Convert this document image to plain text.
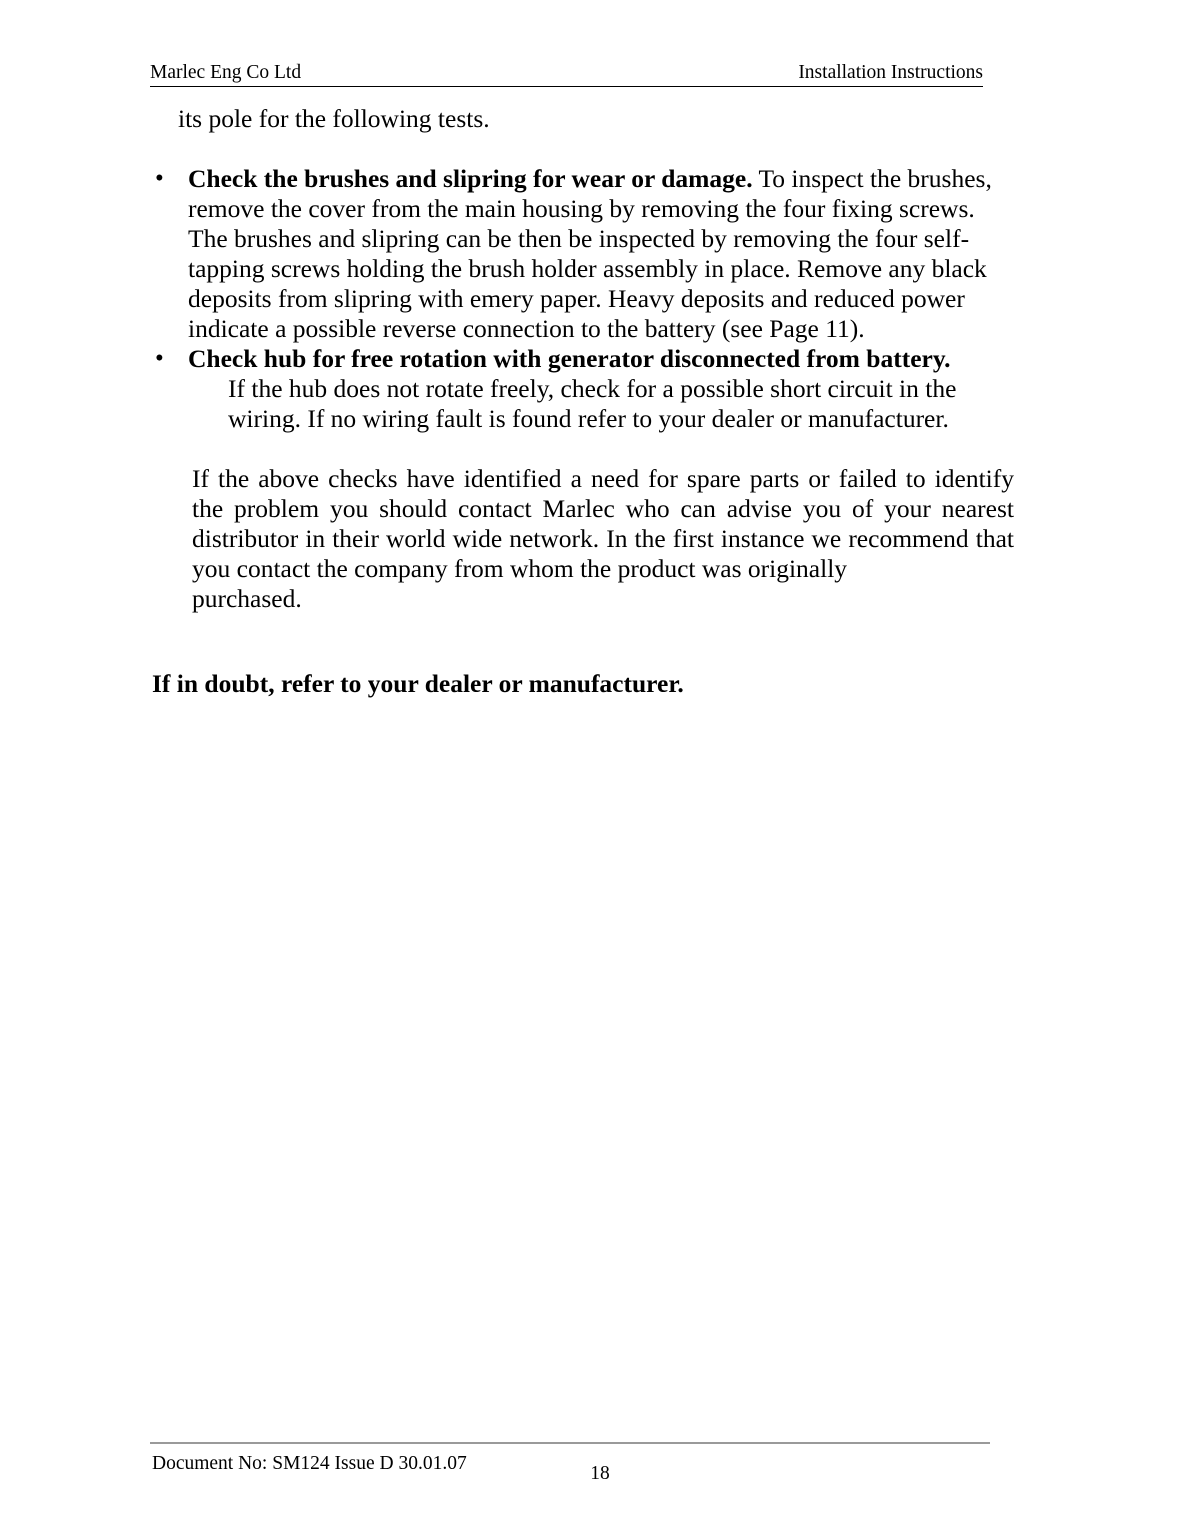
Marlec Eng Co Ltd	Installation Instructions

its pole for the following tests.

• Check the brushes and slipring for wear or damage. To inspect the brushes, remove the cover from the main housing by removing the four fixing screws. The brushes and slipring can be then be inspected by removing the four self-tapping screws holding the brush holder assembly in place. Remove any black deposits from slipring with emery paper. Heavy deposits and reduced power indicate a possible reverse connection to the battery (see Page 11).
• Check hub for free rotation with generator disconnected from battery.
If the hub does not rotate freely, check for a possible short circuit in the wiring. If no wiring fault is found refer to your dealer or manufacturer.
If the above checks have identified a need for spare parts or failed to identify the problem you should contact Marlec who can advise you of your nearest distributor in their world wide network. In the first instance we recommend that you contact the company from whom the product was originally
purchased.
If in doubt, refer to your dealer or manufacturer.
Document No: SM124 Issue D 30.01.07	18
